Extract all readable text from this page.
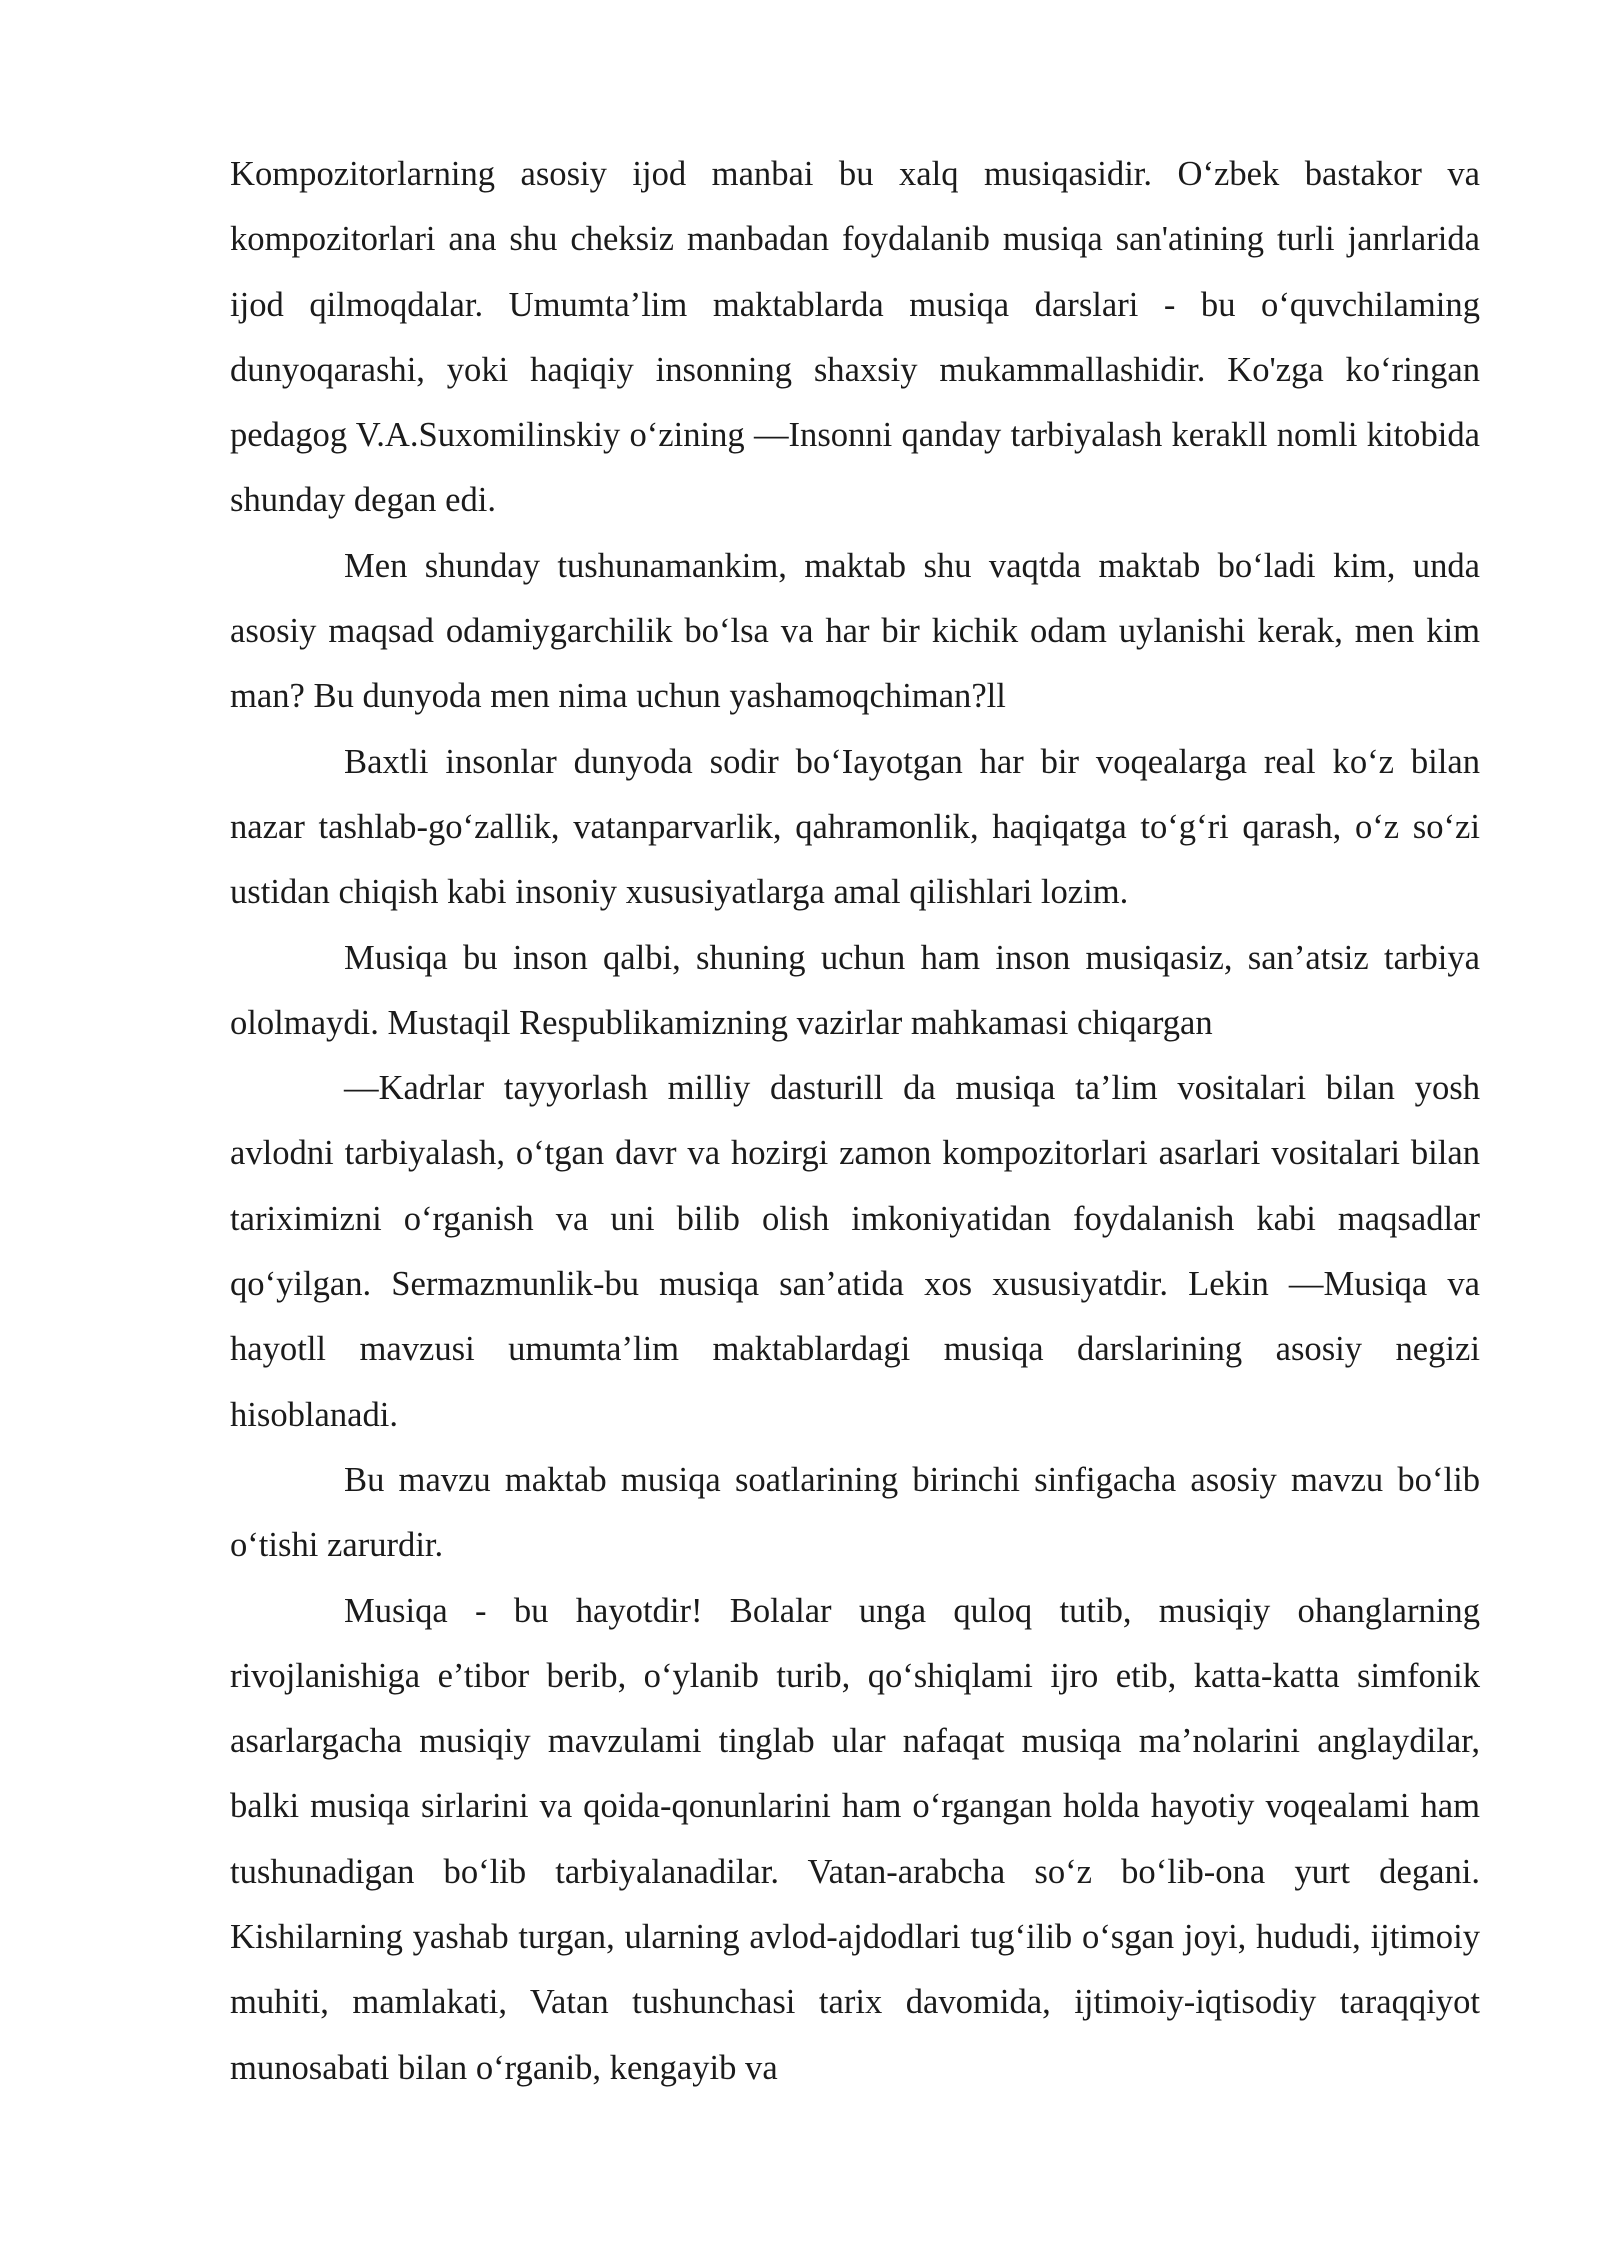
Kompozitorlarning asosiy ijod manbai bu xalq musiqasidir. O‘zbek bastakor va kompozitorlari ana shu cheksiz manbadan foydalanib musiqa san'atining turli janrlarida ijod qilmoqdalar. Umumta’lim maktablarda musiqa darslari - bu o‘quvchilaming dunyoqarashi, yoki haqiqiy insonning shaxsiy mukammallashidir. Ko'zga ko‘ringan pedagog V.A.Suxomilinskiy o‘zining ―Insonni qanday tarbiyalash kerakll nomli kitobida shunday degan edi.

Men shunday tushunamankim, maktab shu vaqtda maktab bo‘ladi kim, unda asosiy maqsad odamiygarchilik bo‘lsa va har bir kichik odam uylanishi kerak, men kim man? Bu dunyoda men nima uchun yashamoqchiman?ll

Baxtli insonlar dunyoda sodir bo‘Iayotgan har bir voqealarga real ko‘z bilan nazar tashlab-go‘zallik, vatanparvarlik, qahramonlik, haqiqatga to‘g‘ri qarash, o‘z so‘zi ustidan chiqish kabi insoniy xususiyatlarga amal qilishlari lozim.

Musiqa bu inson qalbi, shuning uchun ham inson musiqasiz, san’atsiz tarbiya ololmaydi. Mustaqil Respublikamizning vazirlar mahkamasi chiqargan

―Kadrlar tayyorlash milliy dasturill da musiqa ta’lim vositalari bilan yosh avlodni tarbiyalash, o‘tgan davr va hozirgi zamon kompozitorlari asarlari vositalari bilan tariximizni o‘rganish va uni bilib olish imkoniyatidan foydalanish kabi maqsadlar qo‘yilgan. Sermazmunlik-bu musiqa san’atida xos xususiyatdir. Lekin ―Musiqa va hayotll mavzusi umumta’lim maktablardagi musiqa darslarining asosiy negizi hisoblanadi.

Bu mavzu maktab musiqa soatlarining birinchi sinfigacha asosiy mavzu bo‘lib o‘tishi zarurdir.

Musiqa - bu hayotdir! Bolalar unga quloq tutib, musiqiy ohanglarning rivojlanishiga e’tibor berib, o‘ylanib turib, qo‘shiqlami ijro etib, katta-katta simfonik asarlargacha musiqiy mavzulami tinglab ular nafaqat musiqa ma’nolarini anglaydilar, balki musiqa sirlarini va qoida-qonunlarini ham o‘rgangan holda hayotiy voqealami ham tushunadigan bo‘lib tarbiyalanadilar. Vatan-arabcha so‘z bo‘lib-ona yurt degani. Kishilarning yashab turgan, ularning avlod-ajdodlari tug‘ilib o‘sgan joyi, hududi, ijtimoiy muhiti, mamlakati, Vatan tushunchasi tarix davomida, ijtimoiy-iqtisodiy taraqqiyot munosabati bilan o‘rganib, kengayib va
